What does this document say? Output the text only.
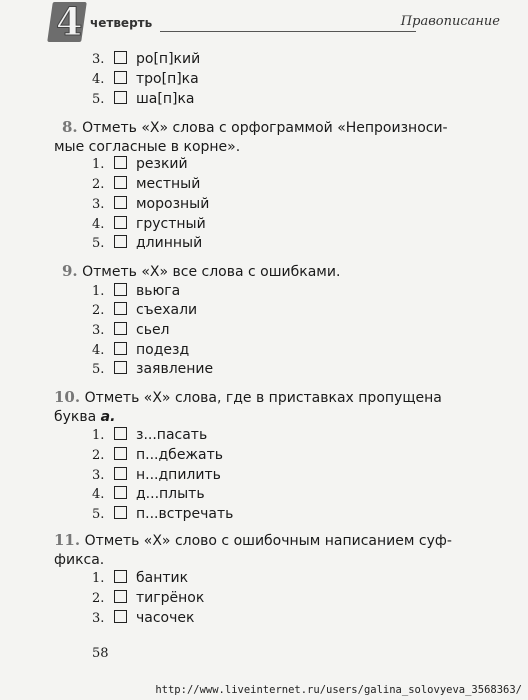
4 четверть	Правописание
3. ро[п]кий
4. тро[п]ка
5. ша[п]ка
8. Отметь «Х» слова с орфограммой «Непроизноси-
мые согласные в корне».
1. резкий
2. местный
3. морозный
4. грустный
5. длинный
9. Отметь «Х» все слова с ошибками.
1. вьюга
2. съехали
3. сьел
4. подезд
5. заявление
10. Отметь «Х» слова, где в приставках пропущена
буква а.
1. з...пасать
2. п...дбежать
3. н...дпилить
4. д...плыть
5. п...встречать
11. Отметь «Х» слово с ошибочным написанием суф-
фикса.
1. бантик
2. тигрёнок
3. часочек
58
http://www.liveinternet.ru/users/galina_solovyeva_3568363/
